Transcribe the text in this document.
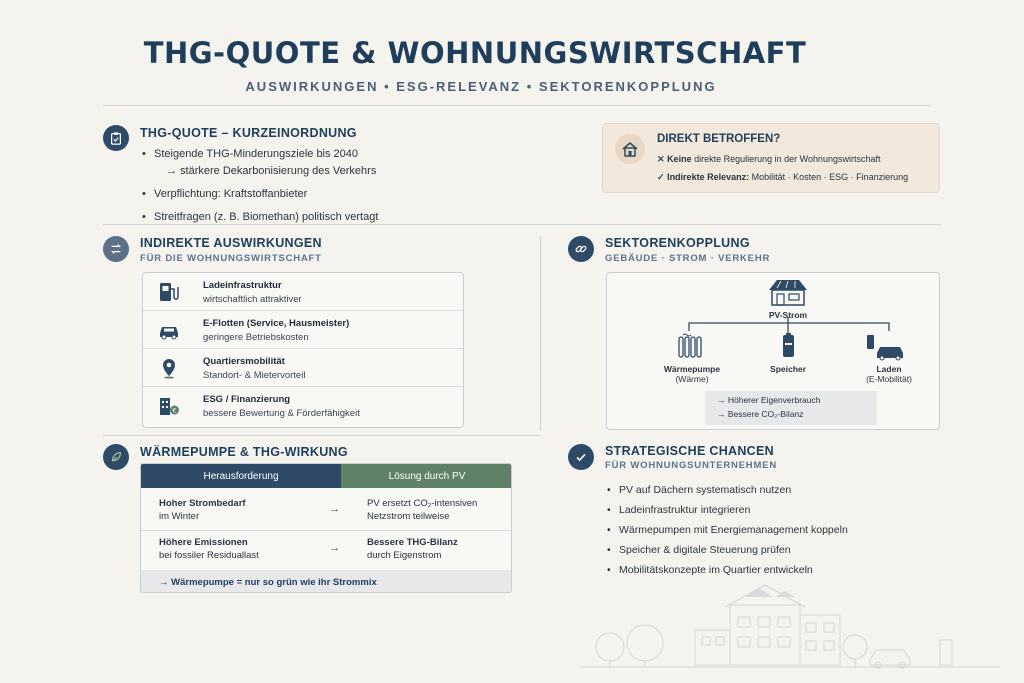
THG-QUOTE & WOHNUNGSWIRTSCHAFT
AUSWIRKUNGEN • ESG-RELEVANZ • SEKTORENKOPPLUNG
THG-QUOTE – KURZEINORDNUNG
• Steigende THG-Minderungsziele bis 2040
→ stärkere Dekarbonisierung des Verkehrs
• Verpflichtung: Kraftstoffanbieter
• Streitfragen (z. B. Biomethan) politisch vertagt
DIREKT BETROFFEN?
✕ Keine direkte Regulierung in der Wohnungswirtschaft
✓ Indirekte Relevanz: Mobilität · Kosten · ESG · Finanzierung
INDIREKTE AUSWIRKUNGEN
FÜR DIE WOHNUNGSWIRTSCHAFT
Ladeinfrastruktur
wirtschaftlich attraktiver
E-Flotten (Service, Hausmeister)
geringere Betriebskosten
Quartiersmobilität
Standort- & Mietervorteil
€
ESG / Finanzierung
bessere Bewertung & Förderfähigkeit
SEKTORENKOPPLUNG
GEBÄUDE · STROM · VERKEHR
PV-Strom
Wärmepumpe
(Wärme)
Speicher	Laden
(E-Mobilität)
→ Höherer Eigenverbrauch
→ Bessere CO₂-Bilanz
WÄRMEPUMPE & THG-WIRKUNG
Herausforderung	Lösung durch PV
Hoher Strombedarf
im Winter
→	PV ersetzt CO₂-intensiven
Netzstrom teilweise
Höhere Emissionen
bei fossiler Residuallast
→	Bessere THG-Bilanz
durch Eigenstrom
→ Wärmepumpe = nur so grün wie ihr Strommix
STRATEGISCHE CHANCEN
FÜR WOHNUNGSUNTERNEHMEN
• PV auf Dächern systematisch nutzen
• Ladeinfrastruktur integrieren
• Wärmepumpen mit Energiemanagement koppeln
• Speicher & digitale Steuerung prüfen
• Mobilitätskonzepte im Quartier entwickeln
